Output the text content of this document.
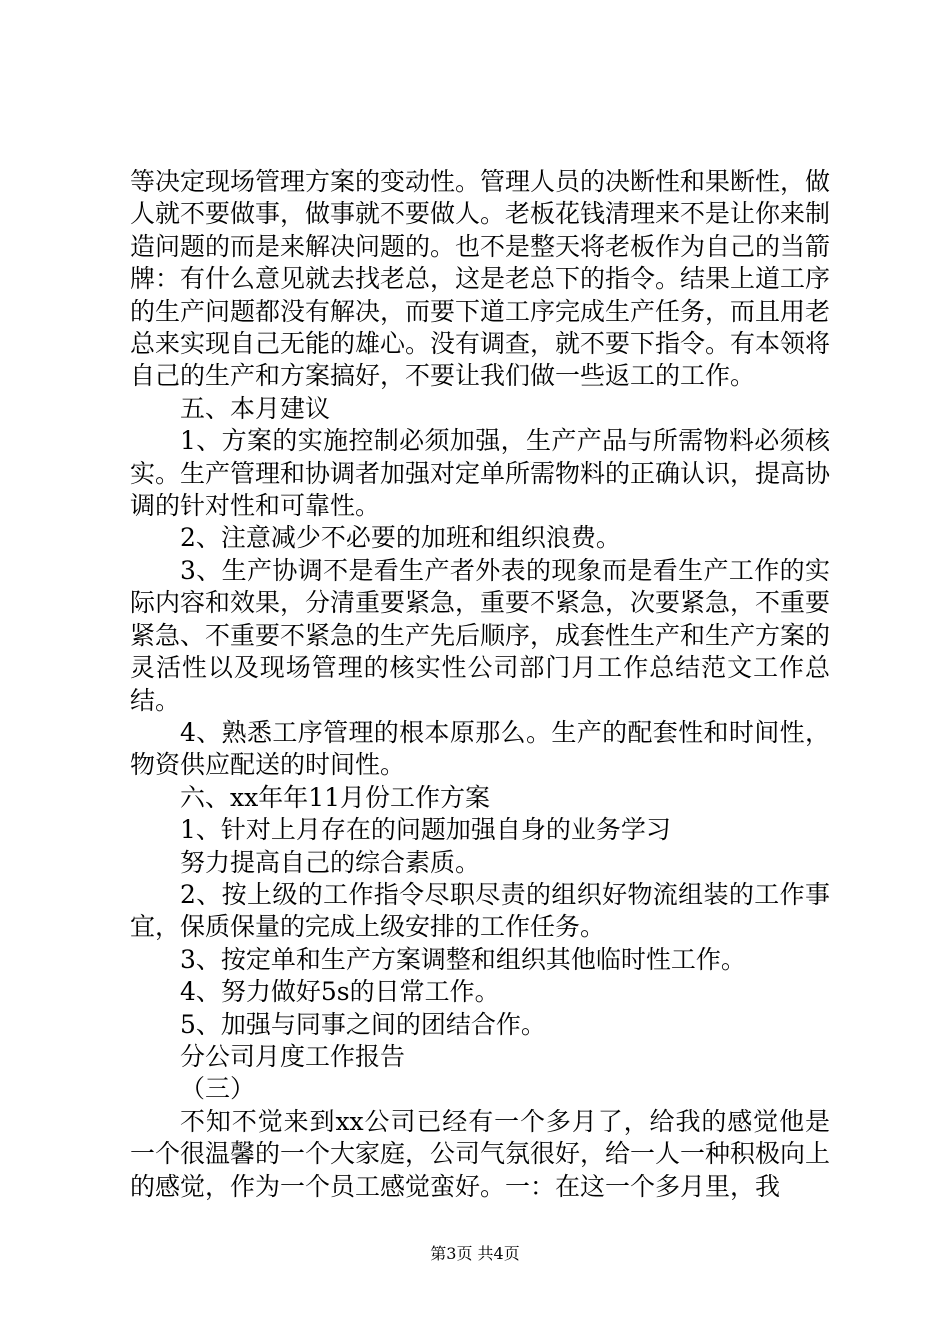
等决定现场管理方案的变动性。管理人员的决断性和果断性，做人就不要做事，做事就不要做人。老板花钱清理来不是让你来制造问题的而是来解决问题的。也不是整天将老板作为自己的当箭牌：有什么意见就去找老总，这是老总下的指令。结果上道工序的生产问题都没有解决，而要下道工序完成生产任务，而且用老总来实现自己无能的雄心。没有调查，就不要下指令。有本领将自己的生产和方案搞好，不要让我们做一些返工的工作。

五、本月建议

1、方案的实施控制必须加强，生产产品与所需物料必须核实。生产管理和协调者加强对定单所需物料的正确认识，提高协调的针对性和可靠性。

2、注意减少不必要的加班和组织浪费。

3、生产协调不是看生产者外表的现象而是看生产工作的实际内容和效果，分清重要紧急，重要不紧急，次要紧急，不重要紧急、不重要不紧急的生产先后顺序，成套性生产和生产方案的灵活性以及现场管理的核实性公司部门月工作总结范文工作总结。

4、熟悉工序管理的根本原那么。生产的配套性和时间性，物资供应配送的时间性。

六、xx年年11月份工作方案

1、针对上月存在的问题加强自身的业务学习

努力提高自己的综合素质。

2、按上级的工作指令尽职尽责的组织好物流组装的工作事宜，保质保量的完成上级安排的工作任务。

3、按定单和生产方案调整和组织其他临时性工作。

4、努力做好5s的日常工作。

5、加强与同事之间的团结合作。

分公司月度工作报告

（三）

不知不觉来到xx公司已经有一个多月了，给我的感觉他是一个很温馨的一个大家庭，公司气氛很好，给一人一种积极向上的感觉，作为一个员工感觉蛮好。一：在这一个多月里，我

第3页 共4页
